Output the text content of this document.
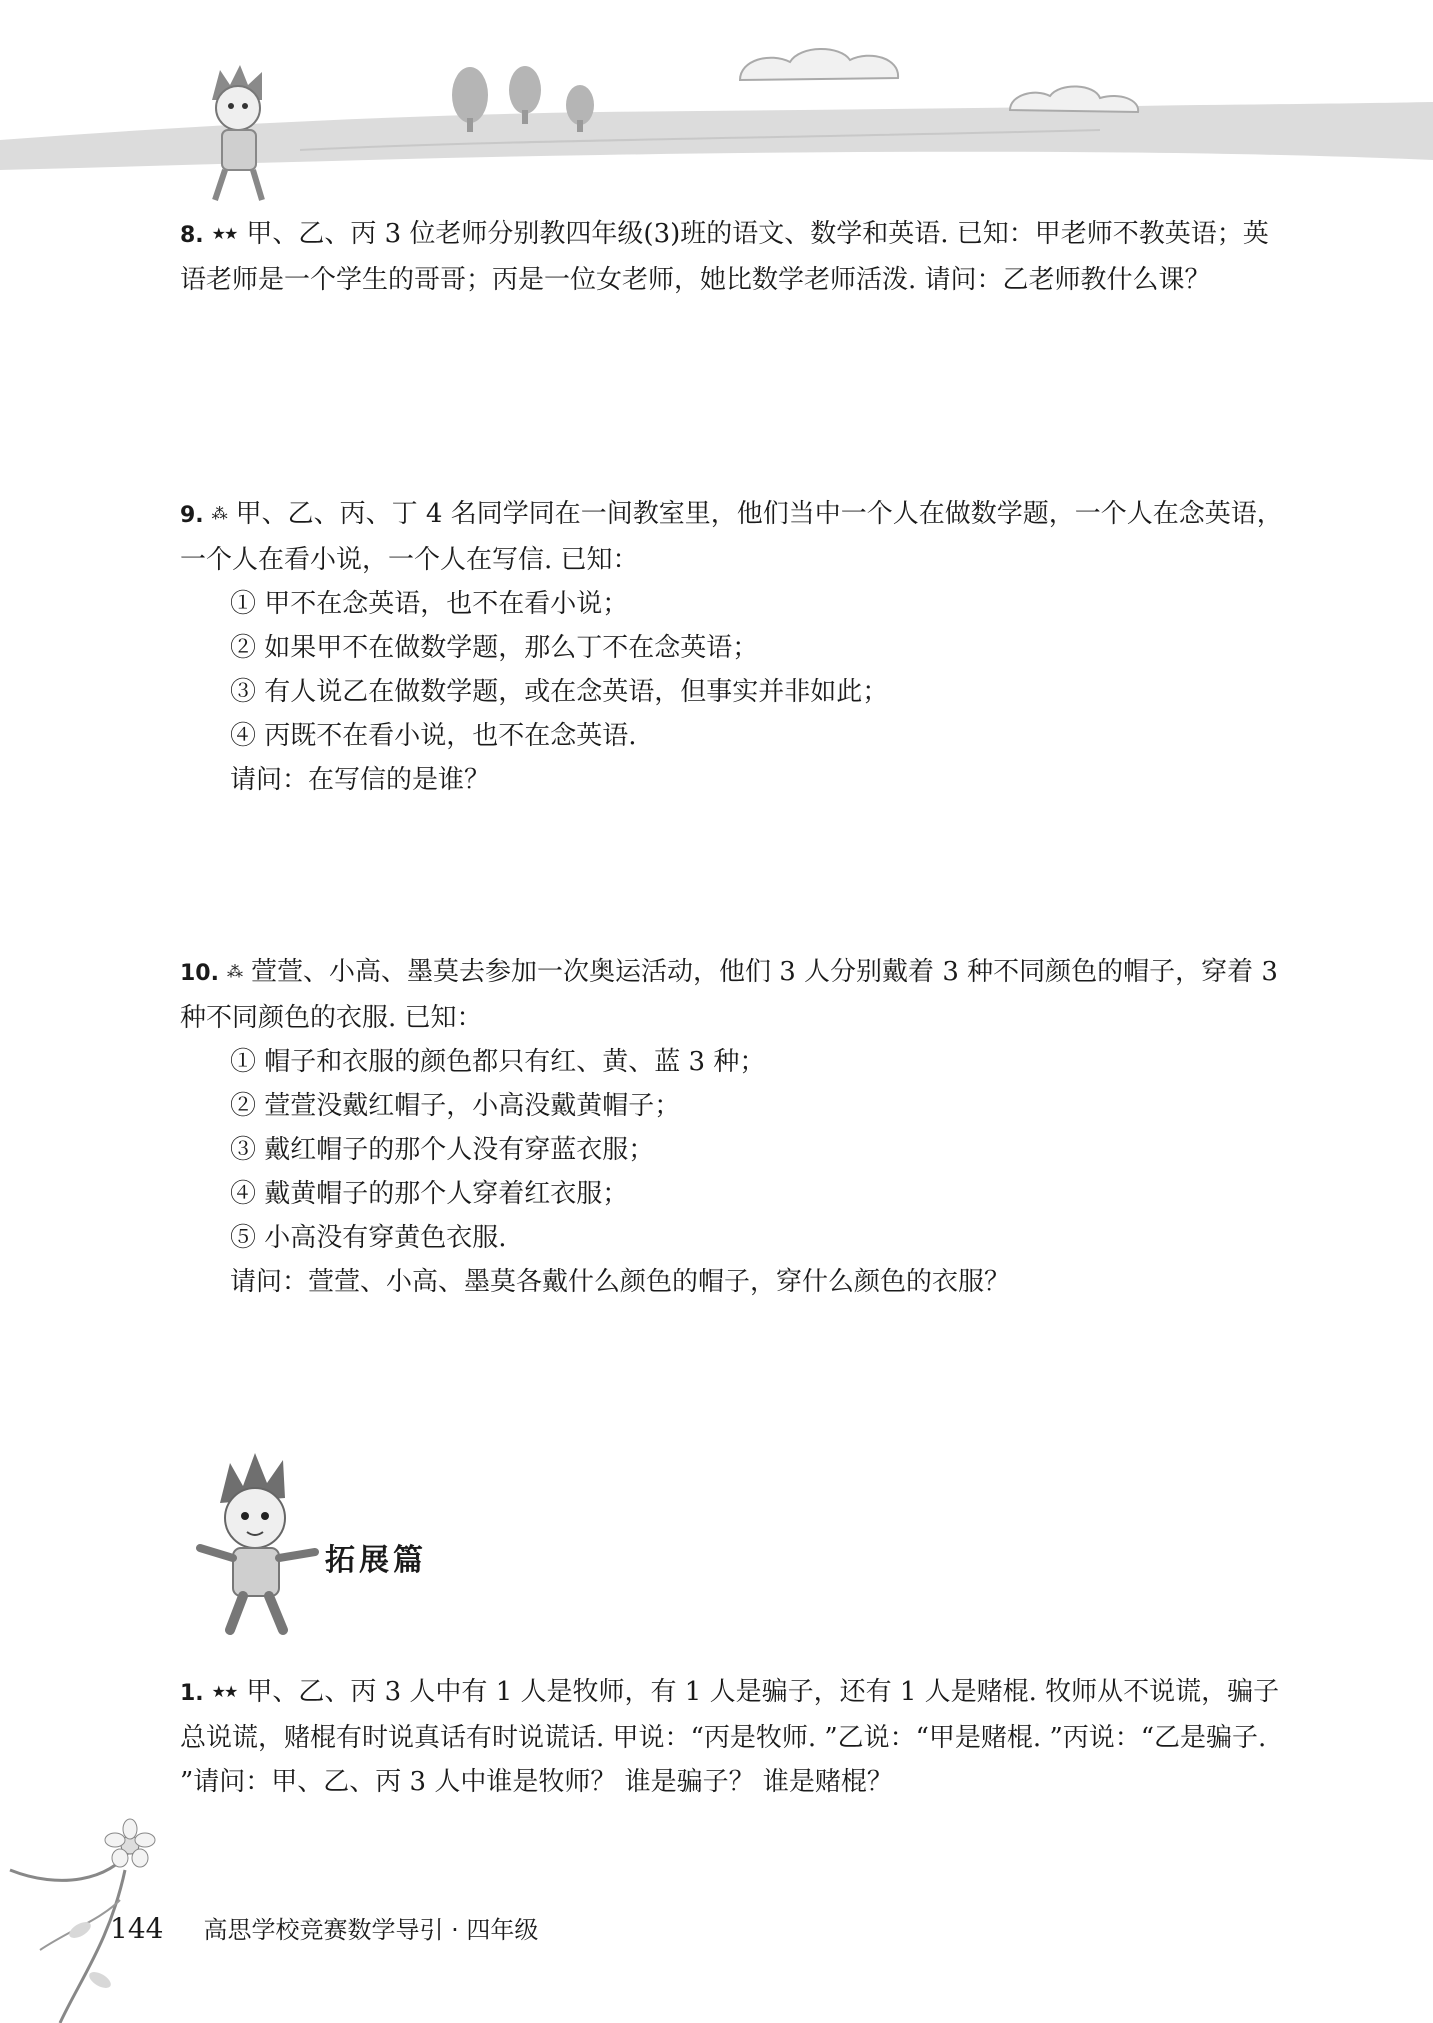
8. ★★ 甲、乙、丙 3 位老师分别教四年级(3)班的语文、数学和英语. 已知：甲老师不教英语；英语老师是一个学生的哥哥；丙是一位女老师，她比数学老师活泼. 请问：乙老师教什么课？

9. ⁂ 甲、乙、丙、丁 4 名同学同在一间教室里，他们当中一个人在做数学题，一个人在念英语，一个人在看小说，一个人在写信. 已知：

① 甲不在念英语，也不在看小说；

② 如果甲不在做数学题，那么丁不在念英语；

③ 有人说乙在做数学题，或在念英语，但事实并非如此；

④ 丙既不在看小说，也不在念英语.

请问：在写信的是谁？

10. ⁂ 萱萱、小高、墨莫去参加一次奥运活动，他们 3 人分别戴着 3 种不同颜色的帽子，穿着 3 种不同颜色的衣服. 已知：

① 帽子和衣服的颜色都只有红、黄、蓝 3 种；

② 萱萱没戴红帽子，小高没戴黄帽子；

③ 戴红帽子的那个人没有穿蓝衣服；

④ 戴黄帽子的那个人穿着红衣服；

⑤ 小高没有穿黄色衣服.

请问：萱萱、小高、墨莫各戴什么颜色的帽子，穿什么颜色的衣服？

拓展篇

1. ★★ 甲、乙、丙 3 人中有 1 人是牧师，有 1 人是骗子，还有 1 人是赌棍. 牧师从不说谎，骗子总说谎，赌棍有时说真话有时说谎话. 甲说：“丙是牧师. ”乙说：“甲是赌棍. ”丙说：“乙是骗子. ”请问：甲、乙、丙 3 人中谁是牧师？ 谁是骗子？ 谁是赌棍？

144 高思学校竞赛数学导引 · 四年级
